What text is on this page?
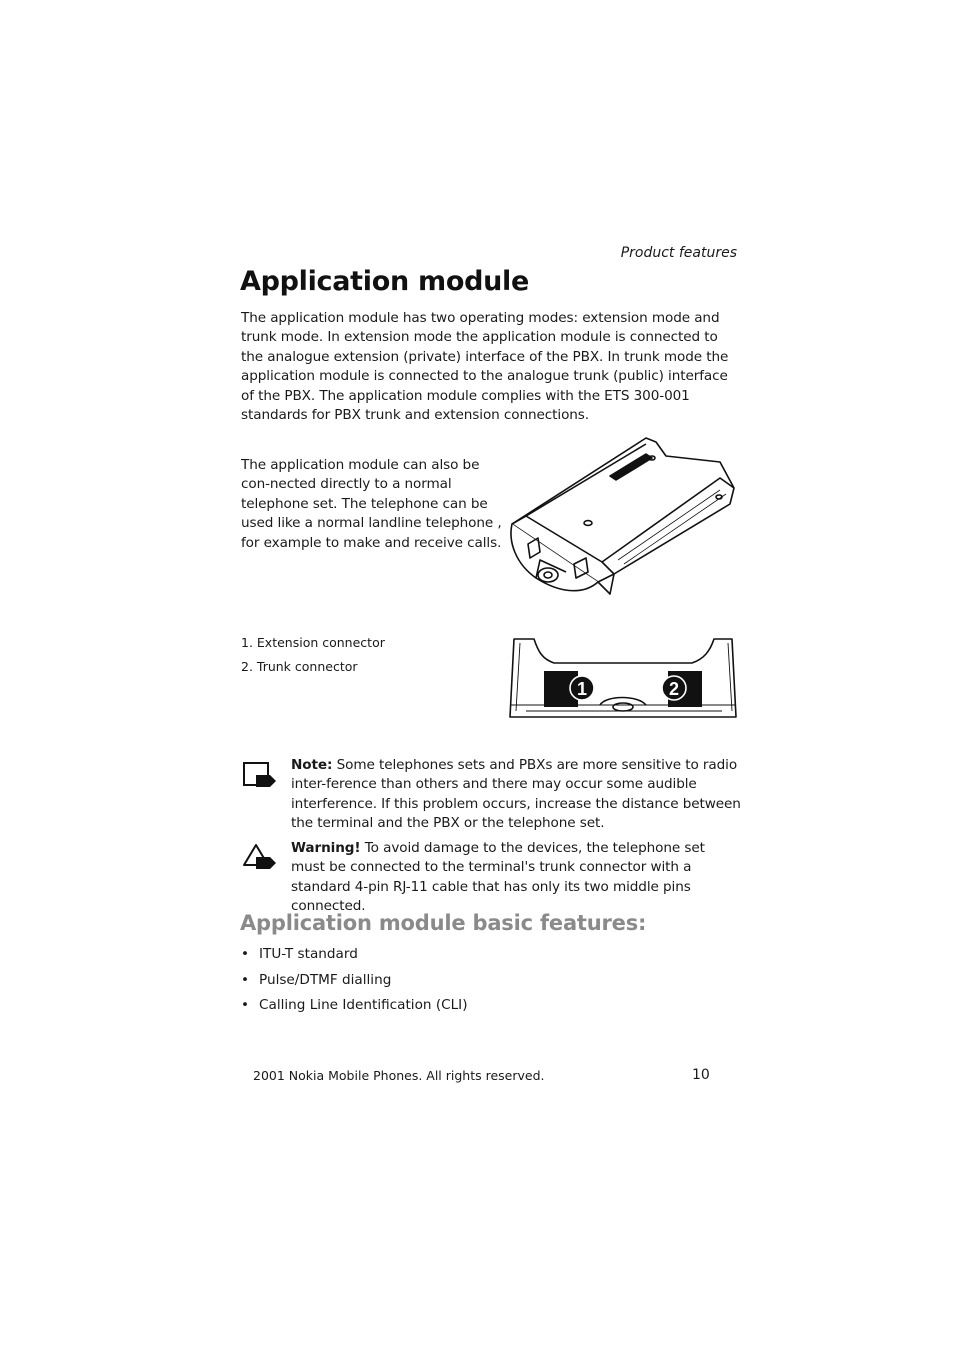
Product features
Application module

The application module has two operating modes: extension mode and trunk mode. In extension mode the application module is connected to the analogue extension (private) interface of the PBX. In trunk mode the application module is connected to the analogue trunk (public) interface of the PBX. The application module complies with the ETS 300-001 standards for PBX trunk and extension connections.

The application module can also be con-nected directly to a normal telephone set. The telephone can be used like a normal landline telephone , for example to make and receive calls.

1. Extension connector
2. Trunk connector
1	2

Note: Some telephones sets and PBXs are more sensitive to radio inter-ference than others and there may occur some audible interference. If this problem occurs, increase the distance between the terminal and the PBX or the telephone set.

Warning! To avoid damage to the devices, the telephone set must be connected to the terminal's trunk connector with a standard 4-pin RJ-11 cable that has only its two middle pins connected.

Application module basic features:
• ITU-T standard
• Pulse/DTMF dialling
• Calling Line Identification (CLI)
2001 Nokia Mobile Phones. All rights reserved.	10
